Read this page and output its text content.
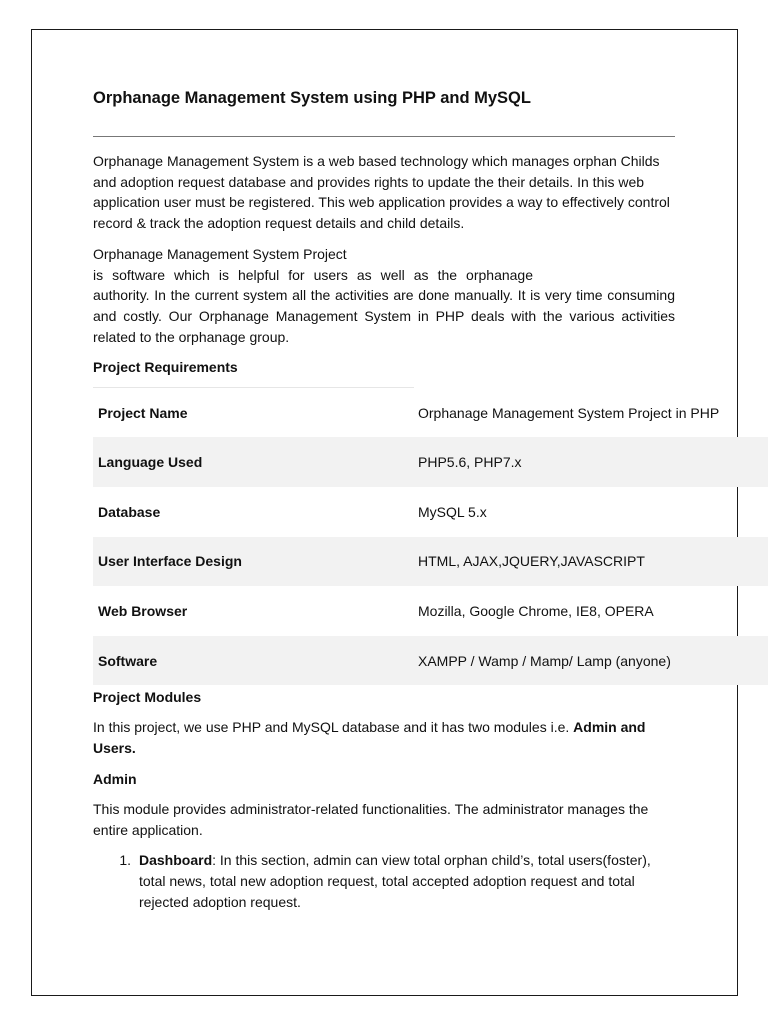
Orphanage Management System using PHP and MySQL

Orphanage Management System is a web based technology which manages orphan Childs and adoption request database and provides rights to update the their details. In this web application user must be registered. This web application provides a way to effectively control record & track the adoption request details and child details.

Orphanage Management System Project
is software which is helpful for users as well as the orphanage

authority. In the current system all the activities are done manually. It is very time consuming and costly. Our Orphanage Management System in PHP deals with the various activities related to the orphanage group.

Project Requirements
Project Name	Orphanage Management System Project in PHP
Language Used	PHP5.6, PHP7.x
Database	MySQL 5.x
User Interface Design	HTML, AJAX,JQUERY,JAVASCRIPT
Web Browser	Mozilla, Google Chrome, IE8, OPERA
Software	XAMPP / Wamp / Mamp/ Lamp (anyone)
Project Modules

In this project, we use PHP and MySQL database and it has two modules i.e. Admin and Users.

Admin

This module provides administrator-related functionalities. The administrator manages the entire application.

1. Dashboard: In this section, admin can view total orphan child’s, total users(foster), total news, total new adoption request, total accepted adoption request and total rejected adoption request.
